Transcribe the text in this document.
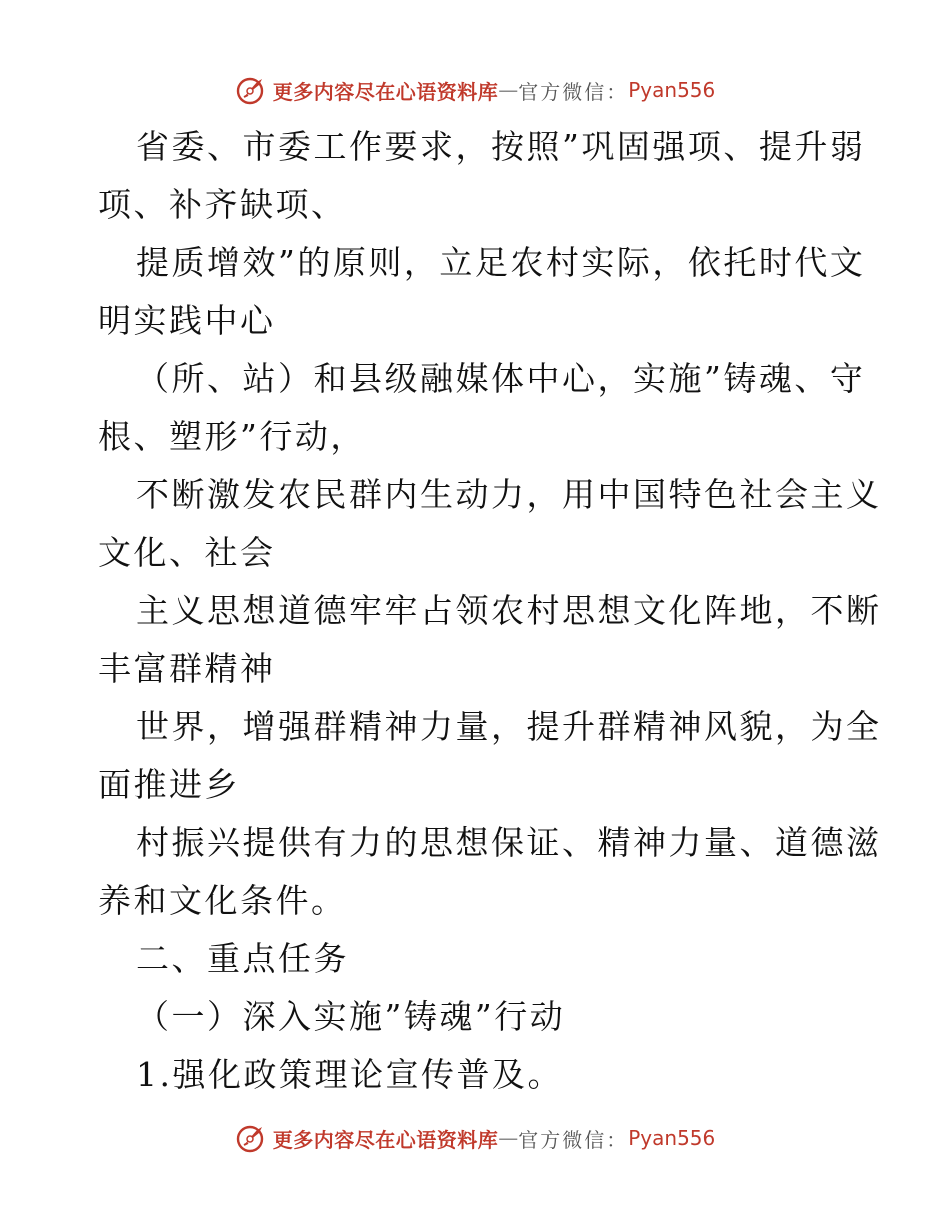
更多内容尽在心语资料库 — 官方微信： Pyan556
省委、市委工作要求，按照”巩固强项、提升弱
项、补齐缺项、
提质增效”的原则，立足农村实际，依托时代文
明实践中心
（所、站）和县级融媒体中心，实施”铸魂、守
根、塑形”行动，
不断激发农民群内生动力，用中国特色社会主义
文化、社会
主义思想道德牢牢占领农村思想文化阵地，不断
丰富群精神
世界，增强群精神力量，提升群精神风貌，为全
面推进乡
村振兴提供有力的思想保证、精神力量、道德滋
养和文化条件。
二、重点任务
（一）深入实施”铸魂”行动
1.强化政策理论宣传普及。
更多内容尽在心语资料库 — 官方微信： Pyan556
